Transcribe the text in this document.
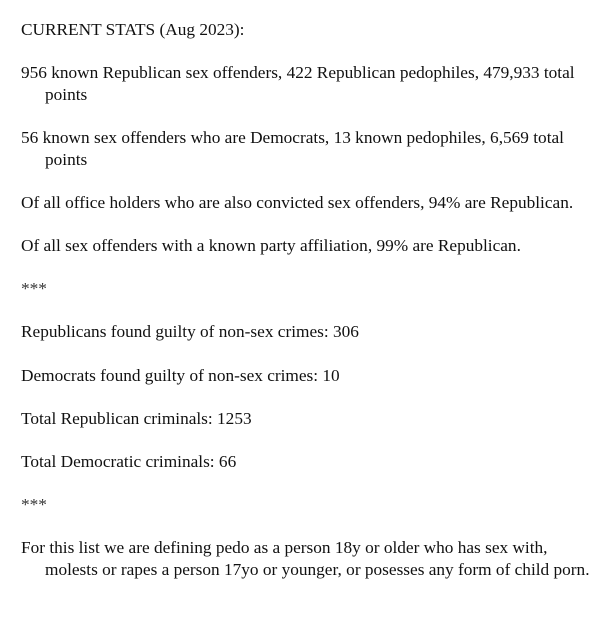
CURRENT STATS (Aug 2023):

956 known Republican sex offenders, 422 Republican pedophiles, 479,933 total points

56 known sex offenders who are Democrats, 13 known pedophiles, 6,569 total points

Of all office holders who are also convicted sex offenders, 94% are Republican.

Of all sex offenders with a known party affiliation, 99% are Republican.

***

Republicans found guilty of non-sex crimes: 306

Democrats found guilty of non-sex crimes: 10

Total Republican criminals: 1253

Total Democratic criminals: 66

***

For this list we are defining pedo as a person 18y or older who has sex with, molests or rapes a person 17yo or younger, or posesses any form of child porn.
